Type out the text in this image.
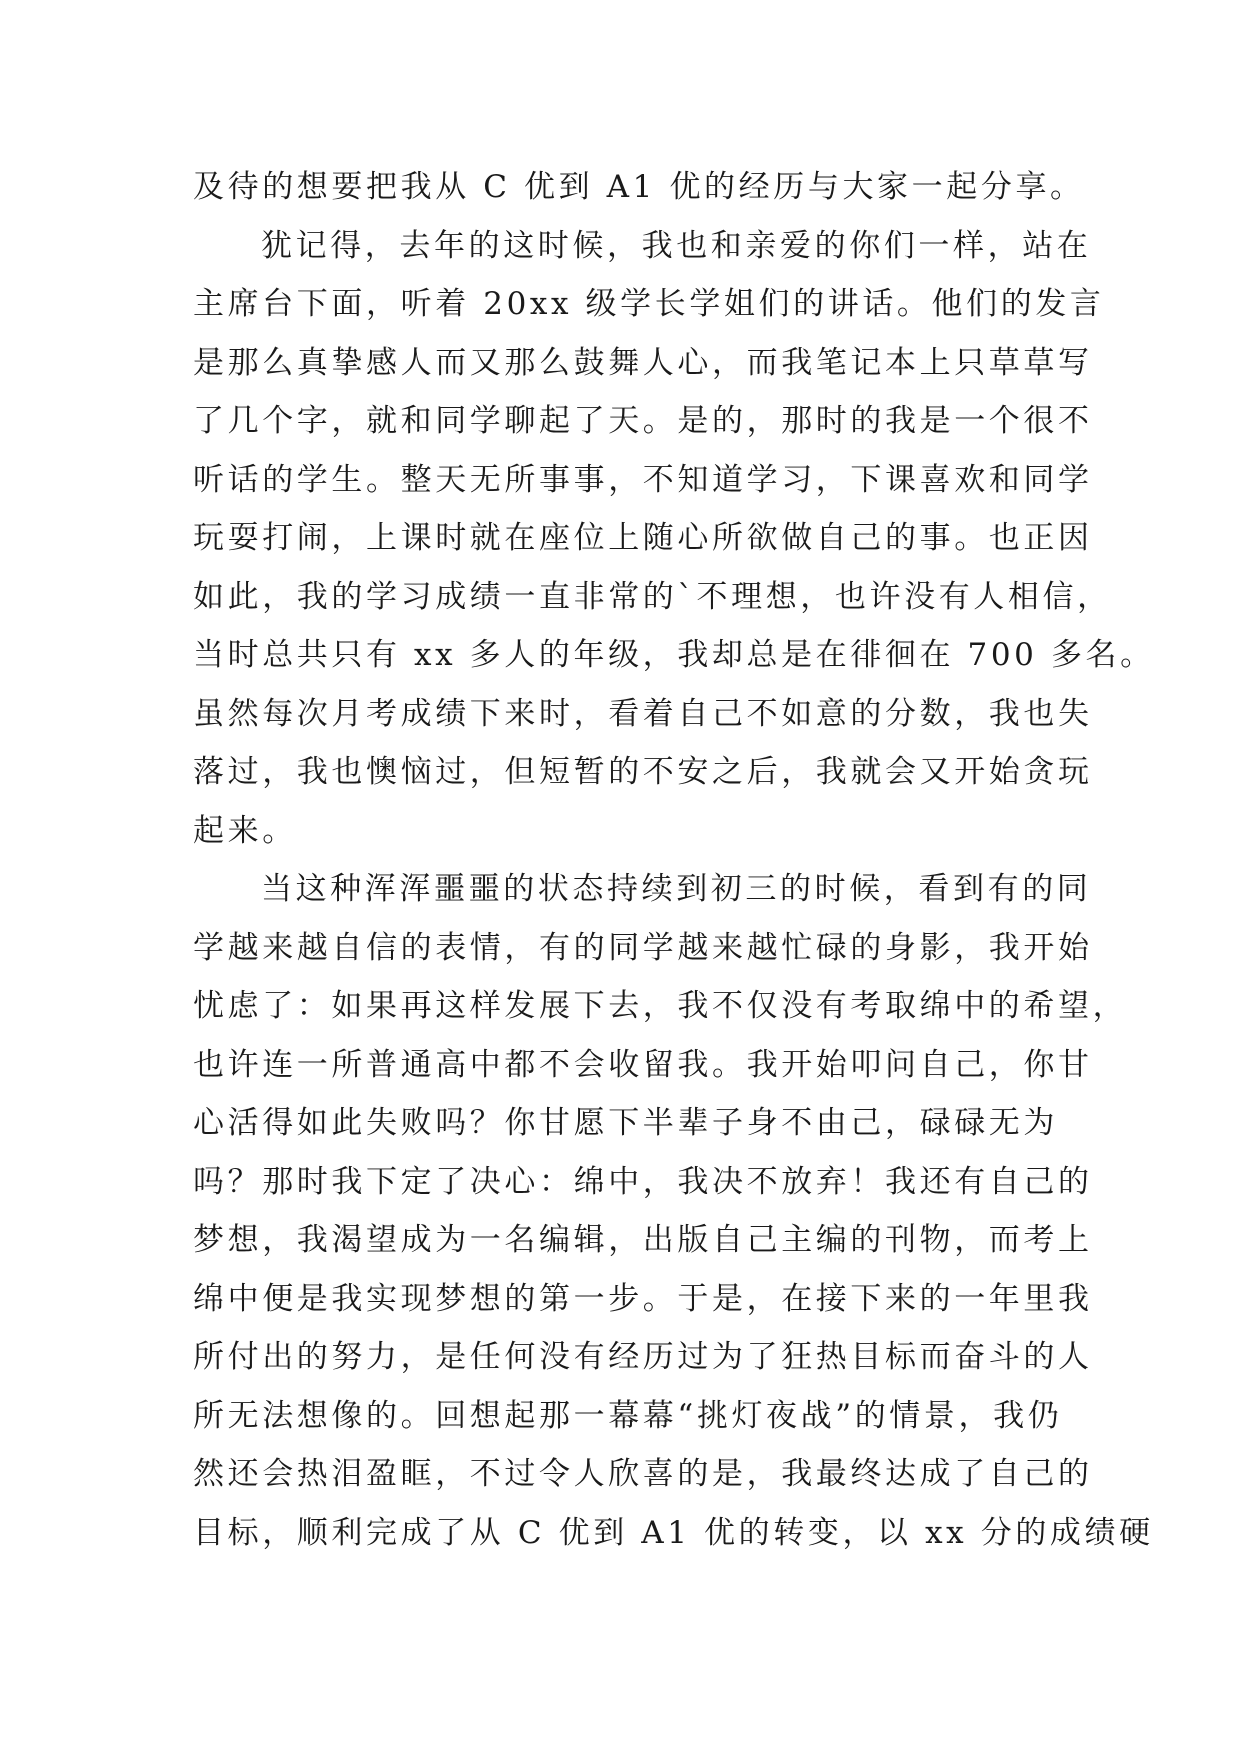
及待的想要把我从 C 优到 A1 优的经历与大家一起分享。
犹记得，去年的这时候，我也和亲爱的你们一样，站在
主席台下面，听着 20xx 级学长学姐们的讲话。他们的发言
是那么真挚感人而又那么鼓舞人心，而我笔记本上只草草写
了几个字，就和同学聊起了天。是的，那时的我是一个很不
听话的学生。整天无所事事，不知道学习，下课喜欢和同学
玩耍打闹，上课时就在座位上随心所欲做自己的事。也正因
如此，我的学习成绩一直非常的`不理想，也许没有人相信，
当时总共只有 xx 多人的年级，我却总是在徘徊在 700 多名。
虽然每次月考成绩下来时，看着自己不如意的分数，我也失
落过，我也懊恼过，但短暂的不安之后，我就会又开始贪玩
起来。
当这种浑浑噩噩的状态持续到初三的时候，看到有的同
学越来越自信的表情，有的同学越来越忙碌的身影，我开始
忧虑了：如果再这样发展下去，我不仅没有考取绵中的希望，
也许连一所普通高中都不会收留我。我开始叩问自己，你甘
心活得如此失败吗？你甘愿下半辈子身不由己，碌碌无为
吗？那时我下定了决心：绵中，我决不放弃！我还有自己的
梦想，我渴望成为一名编辑，出版自己主编的刊物，而考上
绵中便是我实现梦想的第一步。于是，在接下来的一年里我
所付出的努力，是任何没有经历过为了狂热目标而奋斗的人
所无法想像的。回想起那一幕幕“挑灯夜战”的情景，我仍
然还会热泪盈眶，不过令人欣喜的是，我最终达成了自己的
目标，顺利完成了从 C 优到 A1 优的转变，以 xx 分的成绩硬
